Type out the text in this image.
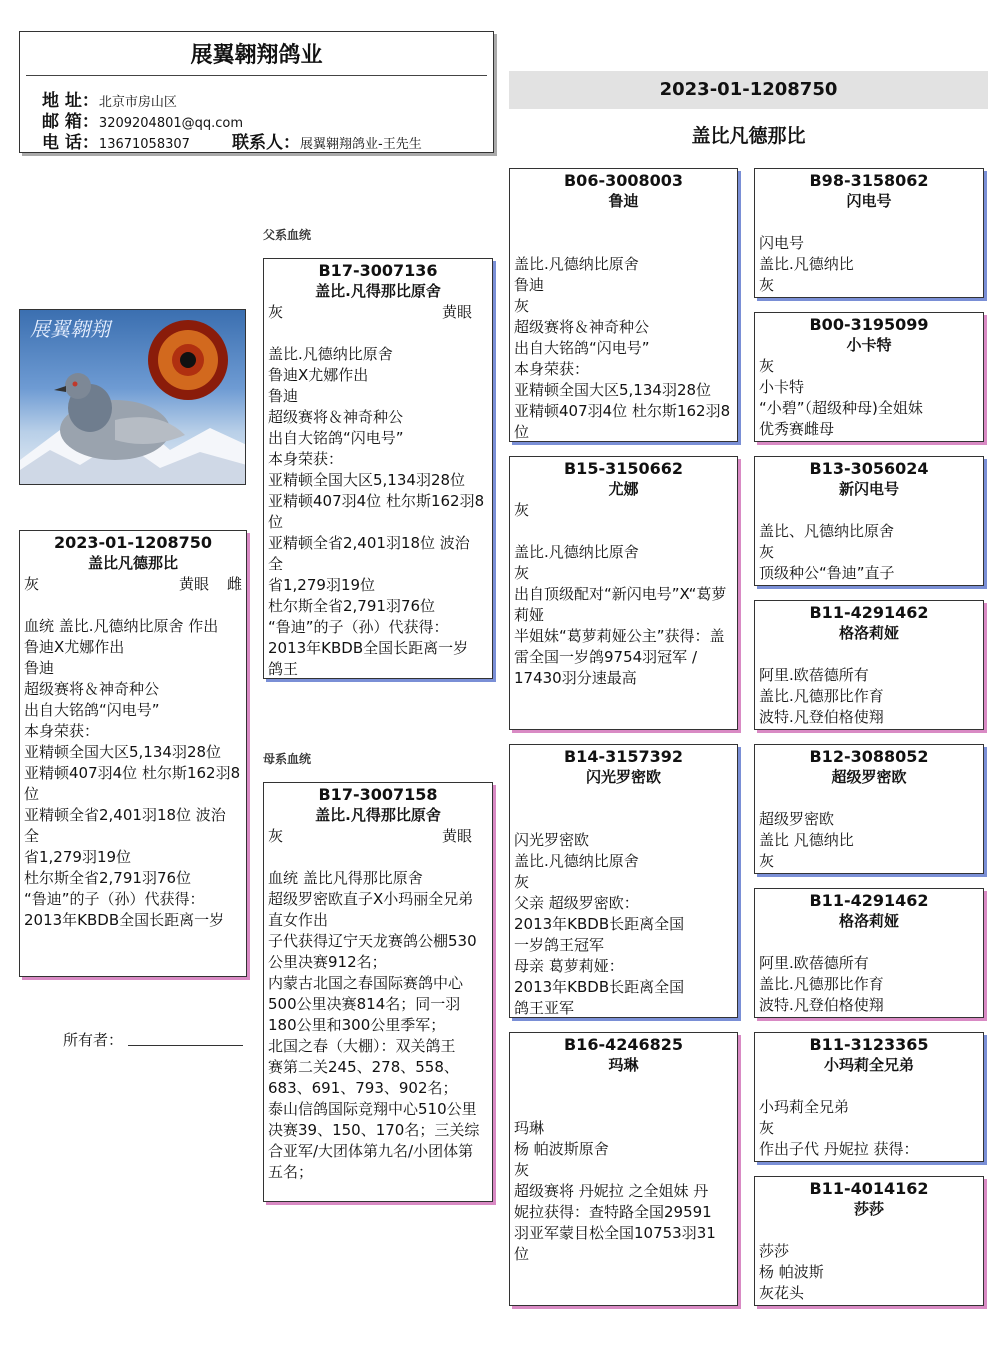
展翼翱翔鸽业
地 址：北京市房山区
邮 箱：3209204801@qq.com
电 话：13671058307 联系人：展翼翱翔鸽业-王先生
2023-01-1208750
盖比凡德那比
展翼翱翔
2023-01-1208750
盖比凡德那比
灰	黄眼 雌
血统 盖比.凡德纳比原舍 作出
鲁迪X尤娜作出
鲁迪
超级赛将＆神奇种公
出自大铭鸽“闪电号”
本身荣获：
亚精顿全国大区5,134羽28位
亚精顿407羽4位 杜尔斯162羽8
位
亚精顿全省2,401羽18位 波治
全
省1,279羽19位
杜尔斯全省2,791羽76位
“鲁迪”的子（孙）代获得：
2013年KBDB全国长距离一岁
所有者：
父系血统
母系血统
B17-3007136
盖比.凡得那比原舍
灰	黄眼
盖比.凡德纳比原舍
鲁迪X尤娜作出
鲁迪
超级赛将＆神奇种公
出自大铭鸽“闪电号”
本身荣获：
亚精顿全国大区5,134羽28位
亚精顿407羽4位 杜尔斯162羽8
位
亚精顿全省2,401羽18位 波治
全
省1,279羽19位
杜尔斯全省2,791羽76位
“鲁迪”的子（孙）代获得：
2013年KBDB全国长距离一岁
鸽王
B17-3007158
盖比.凡得那比原舍
灰	黄眼
血统 盖比凡得那比原舍
超级罗密欧直子X小玛丽全兄弟
直女作出
子代获得辽宁天龙赛鸽公棚530
公里决赛912名；
内蒙古北国之春国际赛鸽中心
500公里决赛814名；同一羽
180公里和300公里季军；
北国之春（大棚）：双关鸽王
赛第二关245、278、558、
683、691、793、902名；
泰山信鸽国际竞翔中心510公里
决赛39、150、170名；三关综
合亚军/大团体第九名/小团体第
五名；
B06-3008003
鲁迪

盖比.凡德纳比原舍
鲁迪
灰
超级赛将＆神奇种公
出自大铭鸽“闪电号”
本身荣获：
亚精顿全国大区5,134羽28位
亚精顿407羽4位 杜尔斯162羽8
位
B15-3150662
尤娜
灰

盖比.凡德纳比原舍
灰
出自顶级配对“新闪电号”X“葛萝
莉娅
半姐妹“葛萝莉娅公主”获得：盖
雷全国一岁鸽9754羽冠军 /
17430羽分速最高
B14-3157392
闪光罗密欧

闪光罗密欧
盖比.凡德纳比原舍
灰
父亲 超级罗密欧：
2013年KBDB长距离全国
一岁鸽王冠军
母亲 葛萝莉娅：
2013年KBDB长距离全国
鸽王亚军
B16-4246825
玛琳

玛琳
杨 帕波斯原舍
灰
超级赛将 丹妮拉 之全姐妹 丹
妮拉获得：查特路全国29591
羽亚军蒙目松全国10753羽31
位
B98-3158062
闪电号

闪电号
盖比.凡德纳比
灰
B00-3195099
小卡特
灰
小卡特
“小碧”（超级种母)全姐妹
优秀赛雌母
B13-3056024
新闪电号

盖比、凡德纳比原舍
灰
顶级种公“鲁迪”直子
B11-4291462
格洛莉娅

阿里.欧蓓德所有
盖比.凡德那比作育
波特.凡登伯格使翔
B12-3088052
超级罗密欧

超级罗密欧
盖比 凡德纳比
灰
B11-4291462
格洛莉娅

阿里.欧蓓德所有
盖比.凡德那比作育
波特.凡登伯格使翔
B11-3123365
小玛莉全兄弟

小玛莉全兄弟
灰
作出子代 丹妮拉 获得：
B11-4014162
莎莎

莎莎
杨 帕波斯
灰花头
